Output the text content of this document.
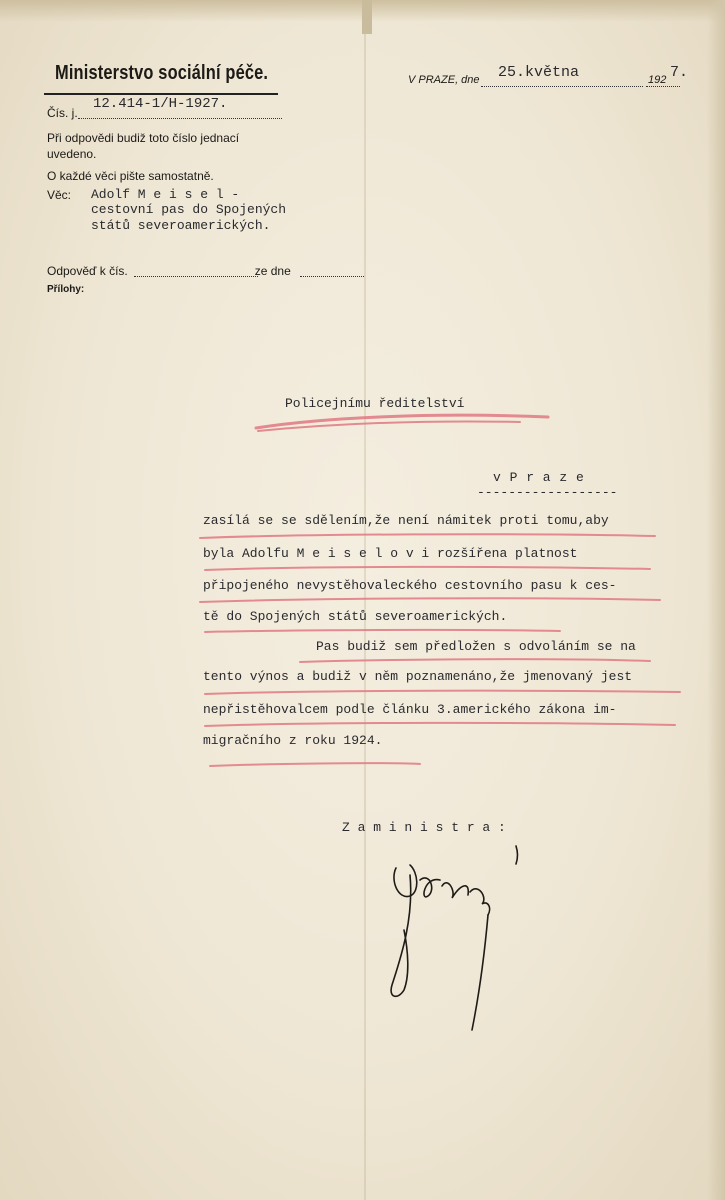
Ministerstvo sociální péče.	V PRAZE, dne 25.května	192 7.
Čís. j.
12.414-1/H-1927.
Při odpovědi budiž toto číslo jednací
uvedeno.
O každé věci pište samostatně.
Věc: Adolf M e i s e l -
cestovní pas do Spojených
států severoamerických.
Odpověď k čís.	ze dne
Přílohy:
Policejnímu ředitelství
v P r a z e
------------------
zasílá se se sdělením,že není námitek proti tomu,aby
byla Adolfu M e i s e l o v i rozšířena platnost
připojeného nevystěhovaleckého cestovního pasu k ces-
tě do Spojených států severoamerických.
Pas budiž sem předložen s odvoláním se na
tento výnos a budiž v něm poznamenáno,že jmenovaný jest
nepřistěhovalcem podle článku 3.amerického zákona im-
migračního z roku 1924.
Z a m i n i s t r a :
